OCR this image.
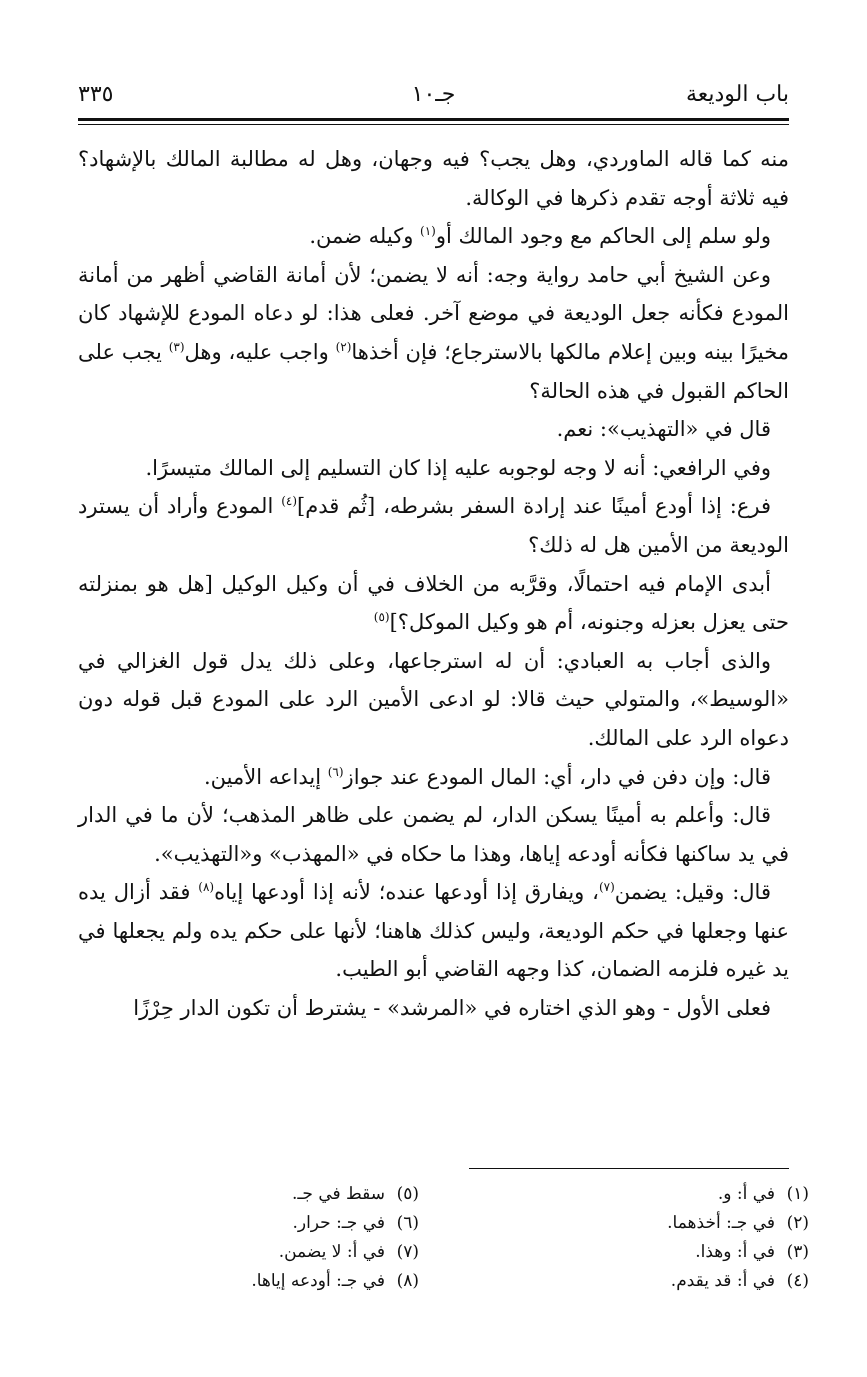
باب الوديعة
جـ١٠
٣٣٥

منه كما قاله الماوردي، وهل يجب؟ فيه وجهان، وهل له مطالبة المالك بالإشهاد؟ فيه ثلاثة أوجه تقدم ذكرها في الوكالة.

ولو سلم إلى الحاكم مع وجود المالك أو$^{(١)}$ وكيله ضمن.

وعن الشيخ أبي حامد رواية وجه: أنه لا يضمن؛ لأن أمانة القاضي أظهر من أمانة المودع فكأنه جعل الوديعة في موضع آخر. فعلى هذا: لو دعاه المودع للإشهاد كان مخيرًا بينه وبين إعلام مالكها بالاسترجاع؛ فإن أخذها$^{(٢)}$ واجب عليه، وهل$^{(٣)}$ يجب على الحاكم القبول في هذه الحالة؟

قال في «التهذيب»: نعم.

وفي الرافعي: أنه لا وجه لوجوبه عليه إذا كان التسليم إلى المالك متيسرًا.

فرع: إذا أودع أمينًا عند إرادة السفر بشرطه، [ثُم قدم]$^{(٤)}$ المودع وأراد أن يسترد الوديعة من الأمين هل له ذلك؟

أبدى الإمام فيه احتمالًا، وقرَّبه من الخلاف في أن وكيل الوكيل [هل هو بمنزلته حتى يعزل بعزله وجنونه، أم هو وكيل الموكل؟]$^{(٥)}$

والذى أجاب به العبادي: أن له استرجاعها، وعلى ذلك يدل قول الغزالي في «الوسيط»، والمتولي حيث قالا: لو ادعى الأمين الرد على المودع قبل قوله دون دعواه الرد على المالك.

قال: وإن دفن في دار، أي: المال المودع عند جواز$^{(٦)}$ إيداعه الأمين.

قال: وأعلم به أمينًا يسكن الدار، لم يضمن على ظاهر المذهب؛ لأن ما في الدار في يد ساكنها فكأنه أودعه إياها، وهذا ما حكاه في «المهذب» و«التهذيب».

قال: وقيل: يضمن$^{(٧)}$، ويفارق إذا أودعها عنده؛ لأنه إذا أودعها إياه$^{(٨)}$ فقد أزال يده عنها وجعلها في حكم الوديعة، وليس كذلك هاهنا؛ لأنها على حكم يده ولم يجعلها في يد غيره فلزمه الضمان، كذا وجهه القاضي أبو الطيب.

فعلى الأول - وهو الذي اختاره في «المرشد» - يشترط أن تكون الدار حِرْزًا

(١)في أ: و.
(٢)في جـ: أخذهما.
(٣)في أ: وهذا.
(٤)في أ: قد يقدم.
(٥)سقط في جـ.
(٦)في جـ: حرار.
(٧)في أ: لا يضمن.
(٨)في جـ: أودعه إياها.
